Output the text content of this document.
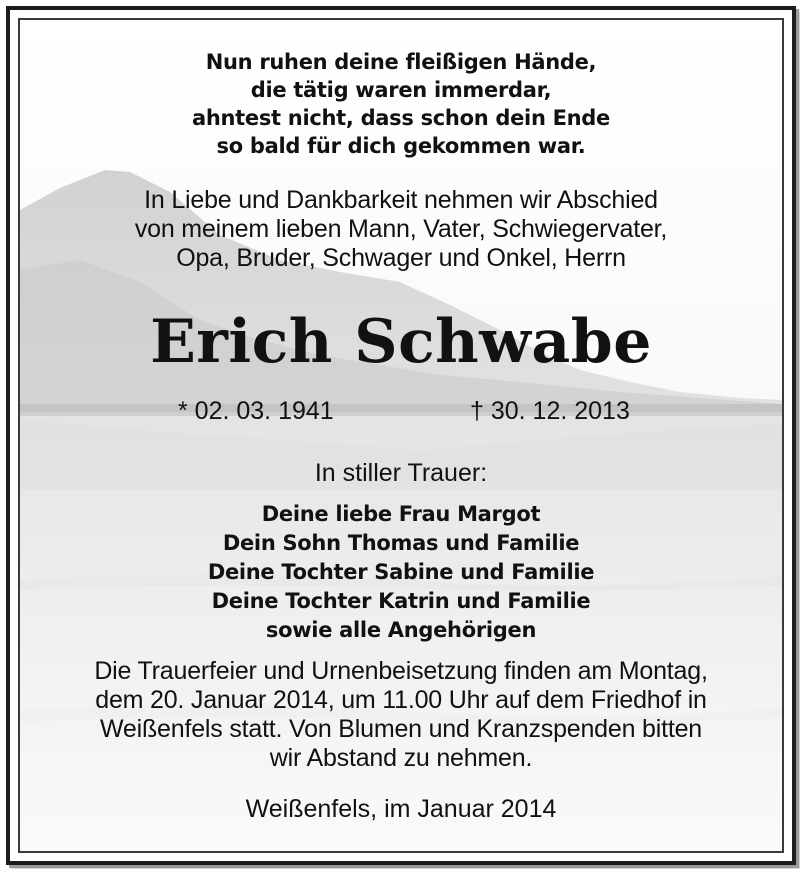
Nun ruhen deine fleißigen Hände,
die tätig waren immerdar,
ahntest nicht, dass schon dein Ende
so bald für dich gekommen war.
In Liebe und Dankbarkeit nehmen wir Abschied
von meinem lieben Mann, Vater, Schwiegervater,
Opa, Bruder, Schwager und Onkel, Herrn
Erich Schwabe
* 02. 03. 1941	† 30. 12. 2013
In stiller Trauer:
Deine liebe Frau Margot
Dein Sohn Thomas und Familie
Deine Tochter Sabine und Familie
Deine Tochter Katrin und Familie
sowie alle Angehörigen
Die Trauerfeier und Urnenbeisetzung finden am Montag,
dem 20. Januar 2014, um 11.00 Uhr auf dem Friedhof in
Weißenfels statt. Von Blumen und Kranzspenden bitten
wir Abstand zu nehmen.
Weißenfels, im Januar 2014
